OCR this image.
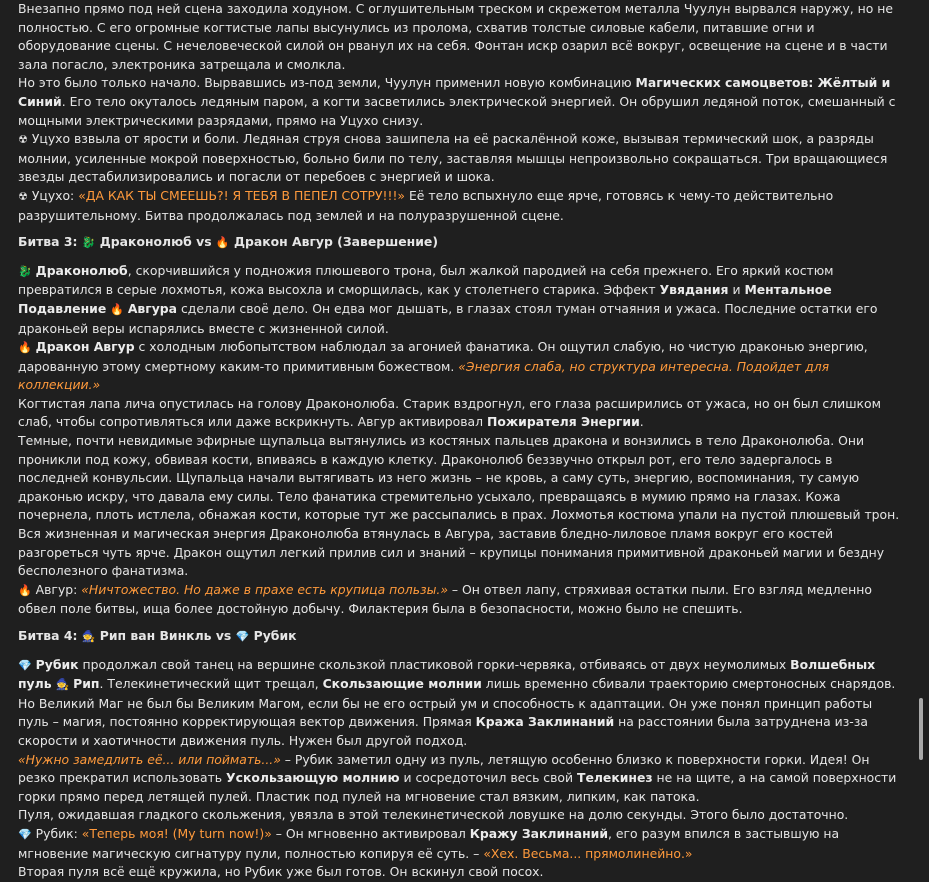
Внезапно прямо под ней сцена заходила ходуном. С оглушительным треском и скрежетом металла Чуулун вырвался наружу, но не полностью. С его огромные когтистые лапы высунулись из пролома, схватив толстые силовые кабели, питавшие огни и оборудование сцены. С нечеловеческой силой он рванул их на себя. Фонтан искр озарил всё вокруг, освещение на сцене и в части зала погасло, электроника затрещала и смолкла.

Но это было только начало. Вырвавшись из-под земли, Чуулун применил новую комбинацию Магических самоцветов: Жёлтый и Синий. Его тело окуталось ледяным паром, а когти засветились электрической энергией. Он обрушил ледяной поток, смешанный с мощными электрическими разрядами, прямо на Уцухо снизу.

☢ Уцухо взвыла от ярости и боли. Ледяная струя снова зашипела на её раскалённой коже, вызывая термический шок, а разряды молнии, усиленные мокрой поверхностью, больно били по телу, заставляя мышцы непроизвольно сокращаться. Три вращающиеся звезды дестабилизировались и погасли от перебоев с энергией и шока.

☢ Уцухо: «ДА КАК ТЫ СМЕЕШЬ?! Я ТЕБЯ В ПЕПЕЛ СОТРУ!!!» Её тело вспыхнуло еще ярче, готовясь к чему-то действительно разрушительному. Битва продолжалась под землей и на полуразрушенной сцене.

Битва 3: 🐉 Драконолюб vs 🔥 Дракон Авгур (Завершение)

🐉 Драконолюб, скорчившийся у подножия плюшевого трона, был жалкой пародией на себя прежнего. Его яркий костюм превратился в серые лохмотья, кожа высохла и сморщилась, как у столетнего старика. Эффект Увядания и Ментальное Подавление 🔥 Авгура сделали своё дело. Он едва мог дышать, в глазах стоял туман отчаяния и ужаса. Последние остатки его драконьей веры испарялись вместе с жизненной силой.

🔥 Дракон Авгур с холодным любопытством наблюдал за агонией фанатика. Он ощутил слабую, но чистую драконью энергию, дарованную этому смертному каким-то примитивным божеством. «Энергия слаба, но структура интересна. Подойдет для коллекции.»

Когтистая лапа лича опустилась на голову Драконолюба. Старик вздрогнул, его глаза расширились от ужаса, но он был слишком слаб, чтобы сопротивляться или даже вскрикнуть. Авгур активировал Пожирателя Энергии.

Темные, почти невидимые эфирные щупальца вытянулись из костяных пальцев дракона и вонзились в тело Драконолюба. Они проникли под кожу, обвивая кости, впиваясь в каждую клетку. Драконолюб беззвучно открыл рот, его тело задергалось в последней конвульсии. Щупальца начали вытягивать из него жизнь – не кровь, а саму суть, энергию, воспоминания, ту самую драконью искру, что давала ему силы. Тело фанатика стремительно усыхало, превращаясь в мумию прямо на глазах. Кожа почернела, плоть истлела, обнажая кости, которые тут же рассыпались в прах. Лохмотья костюма упали на пустой плюшевый трон. Вся жизненная и магическая энергия Драконолюба втянулась в Авгура, заставив бледно-лиловое пламя вокруг его костей разгореться чуть ярче. Дракон ощутил легкий прилив сил и знаний – крупицы понимания примитивной драконьей магии и бездну бесполезного фанатизма.

🔥 Авгур: «Ничтожество. Но даже в прахе есть крупица пользы.» – Он отвел лапу, стряхивая остатки пыли. Его взгляд медленно обвел поле битвы, ища более достойную добычу. Филактерия была в безопасности, можно было не спешить.

Битва 4: 🧙 Рип ван Винкль vs 💎 Рубик

💎 Рубик продолжал свой танец на вершине скользкой пластиковой горки-червяка, отбиваясь от двух неумолимых Волшебных пуль 🧙 Рип. Телекинетический щит трещал, Скользающие молнии лишь временно сбивали траекторию смертоносных снарядов. Но Великий Маг не был бы Великим Магом, если бы не его острый ум и способность к адаптации. Он уже понял принцип работы пуль – магия, постоянно корректирующая вектор движения. Прямая Кража Заклинаний на расстоянии была затруднена из-за скорости и хаотичности движения пуль. Нужен был другой подход.

«Нужно замедлить её... или поймать...» – Рубик заметил одну из пуль, летящую особенно близко к поверхности горки. Идея! Он резко прекратил использовать Ускользающую молнию и сосредоточил весь свой Телекинез не на щите, а на самой поверхности горки прямо перед летящей пулей. Пластик под пулей на мгновение стал вязким, липким, как патока.

Пуля, ожидавшая гладкого скольжения, увязла в этой телекинетической ловушке на долю секунды. Этого было достаточно.

💎 Рубик: «Теперь моя! (My turn now!)» – Он мгновенно активировал Кражу Заклинаний, его разум впился в застывшую на мгновение магическую сигнатуру пули, полностью копируя её суть. – «Хех. Весьма... прямолинейно.»

Вторая пуля всё ещё кружила, но Рубик уже был готов. Он вскинул свой посох.
